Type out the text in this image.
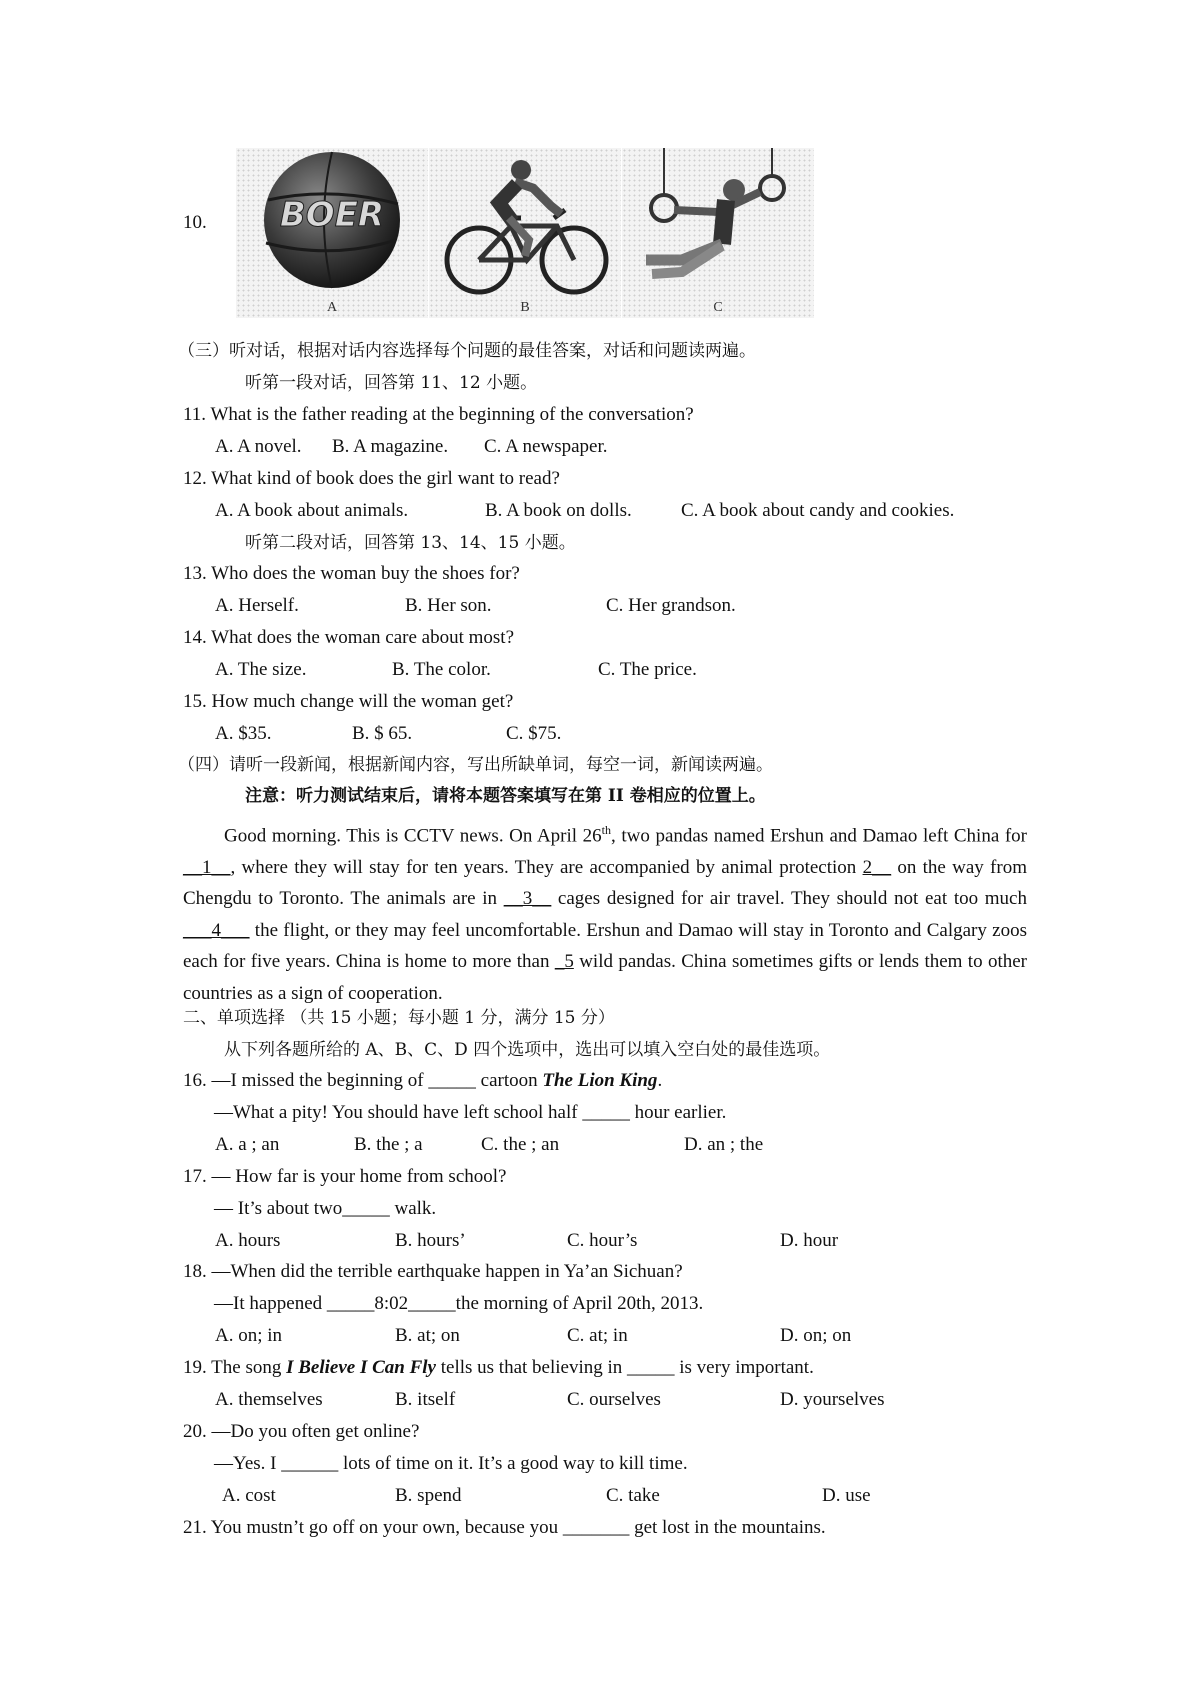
10. BOER
A	B	C
（三）听对话，根据对话内容选择每个问题的最佳答案，对话和问题读两遍。
听第一段对话，回答第 11、12 小题。
11. What is the father reading at the beginning of the conversation?
A. A novel. B. A magazine. C. A newspaper.
12. What kind of book does the girl want to read?
A. A book about animals.	B. A book on dolls.	C. A book about candy and cookies.
听第二段对话，回答第 13、14、15 小题。
13. Who does the woman buy the shoes for?
A. Herself.	B. Her son.	C. Her grandson.
14. What does the woman care about most?
A. The size.	B. The color.	C. The price.
15. How much change will the woman get?
A. $35.	B. $ 65.	C. $75.
（四）请听一段新闻，根据新闻内容，写出所缺单词，每空一词，新闻读两遍。
注意：听力测试结束后，请将本题答案填写在第 II 卷相应的位置上。
Good morning. This is CCTV news. On April 26th, two pandas named Ershun and Damao left China for __1__, where they will stay for ten years. They are accompanied by animal protection 2__ on the way from Chengdu to Toronto. The animals are in __3__ cages designed for air travel. They should not eat too much ___4___ the flight, or they may feel uncomfortable. Ershun and Damao will stay in Toronto and Calgary zoos each for five years. China is home to more than _5 wild pandas. China sometimes gifts or lends them to other countries as a sign of cooperation.
二、单项选择 （共 15 小题；每小题 1 分，满分 15 分）
从下列各题所给的 A、B、C、D 四个选项中，选出可以填入空白处的最佳选项。
16. —I missed the beginning of _____ cartoon The Lion King.
—What a pity! You should have left school half _____ hour earlier.
A. a ; an	B. the ; a	C. the ; an	D. an ; the
17. — How far is your home from school?
— It’s about two_____ walk.
A. hours	B. hours’	C. hour’s	D. hour
18. —When did the terrible earthquake happen in Ya’an Sichuan?
—It happened _____8:02_____the morning of April 20th, 2013.
A. on; in	B. at; on	C. at; in	D. on; on
19. The song I Believe I Can Fly tells us that believing in _____ is very important.
A. themselves	B. itself	C. ourselves	D. yourselves
20. —Do you often get online?
—Yes. I ______ lots of time on it. It’s a good way to kill time.
A. cost	B. spend	C. take	D. use
21. You mustn’t go off on your own, because you _______ get lost in the mountains.
